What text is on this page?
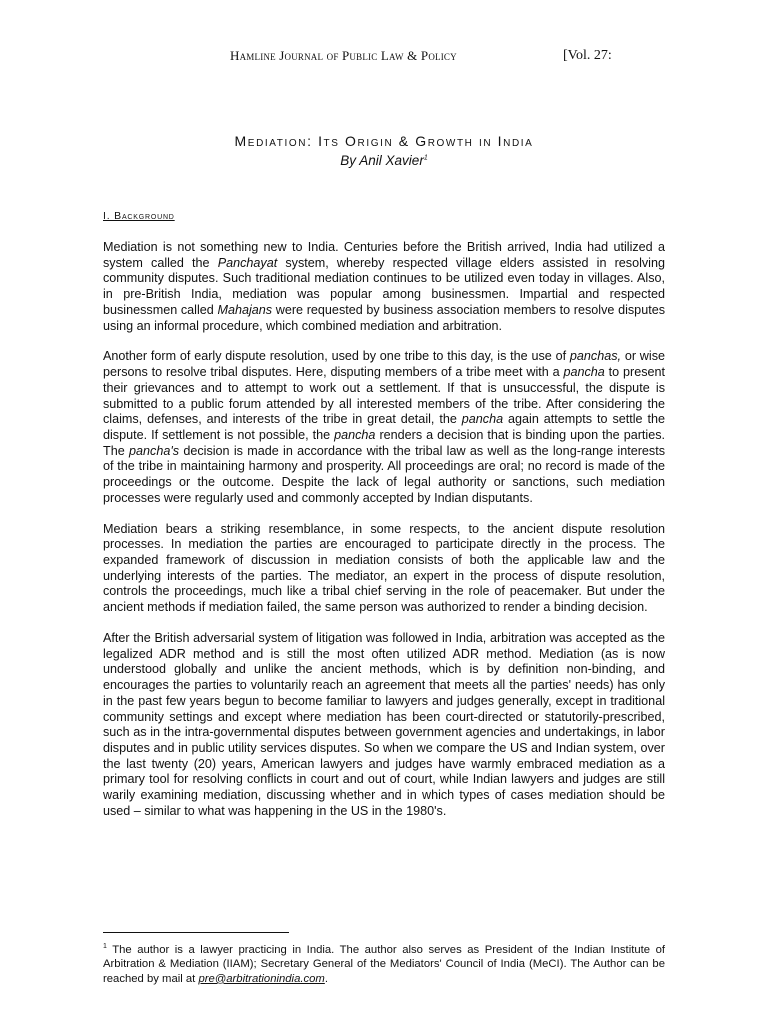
Hamline Journal of Public Law & Policy	[Vol. 27:
Mediation: Its Origin & Growth in India
By Anil Xavier$^1$
I. Background

Mediation is not something new to India. Centuries before the British arrived, India had utilized a system called the Panchayat system, whereby respected village elders assisted in resolving community disputes. Such traditional mediation continues to be utilized even today in villages. Also, in pre-British India, mediation was popular among businessmen. Impartial and respected businessmen called Mahajans were requested by business association members to resolve disputes using an informal procedure, which combined mediation and arbitration.

Another form of early dispute resolution, used by one tribe to this day, is the use of panchas, or wise persons to resolve tribal disputes. Here, disputing members of a tribe meet with a pancha to present their grievances and to attempt to work out a settlement. If that is unsuccessful, the dispute is submitted to a public forum attended by all interested members of the tribe. After considering the claims, defenses, and interests of the tribe in great detail, the pancha again attempts to settle the dispute. If settlement is not possible, the pancha renders a decision that is binding upon the parties. The pancha's decision is made in accordance with the tribal law as well as the long-range interests of the tribe in maintaining harmony and prosperity. All proceedings are oral; no record is made of the proceedings or the outcome. Despite the lack of legal authority or sanctions, such mediation processes were regularly used and commonly accepted by Indian disputants.

Mediation bears a striking resemblance, in some respects, to the ancient dispute resolution processes. In mediation the parties are encouraged to participate directly in the process. The expanded framework of discussion in mediation consists of both the applicable law and the underlying interests of the parties. The mediator, an expert in the process of dispute resolution, controls the proceedings, much like a tribal chief serving in the role of peacemaker. But under the ancient methods if mediation failed, the same person was authorized to render a binding decision.

After the British adversarial system of litigation was followed in India, arbitration was accepted as the legalized ADR method and is still the most often utilized ADR method. Mediation (as is now understood globally and unlike the ancient methods, which is by definition non-binding, and encourages the parties to voluntarily reach an agreement that meets all the parties' needs) has only in the past few years begun to become familiar to lawyers and judges generally, except in traditional community settings and except where mediation has been court-directed or statutorily-prescribed, such as in the intra-governmental disputes between government agencies and undertakings, in labor disputes and in public utility services disputes. So when we compare the US and Indian system, over the last twenty (20) years, American lawyers and judges have warmly embraced mediation as a primary tool for resolving conflicts in court and out of court, while Indian lawyers and judges are still warily examining mediation, discussing whether and in which types of cases mediation should be used – similar to what was happening in the US in the 1980's.

$^1$ The author is a lawyer practicing in India. The author also serves as President of the Indian Institute of Arbitration & Mediation (IIAM); Secretary General of the Mediators' Council of India (MeCI). The Author can be reached by mail at pre@arbitrationindia.com.
